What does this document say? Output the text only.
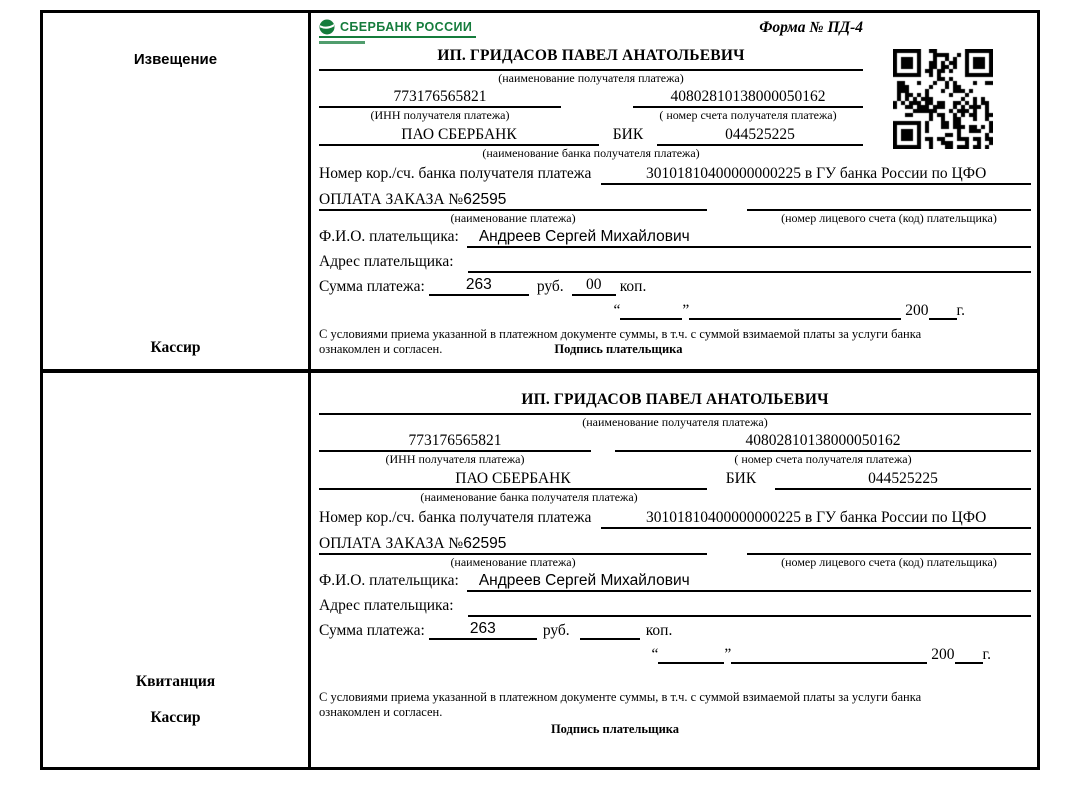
Извещение
Кассир
СБЕРБАНК РОССИИ	Форма № ПД-4
ИП. ГРИДАСОВ ПАВЕЛ АНАТОЛЬЕВИЧ
(наименование получателя платежа)
773176565821
(ИНН получателя платежа)
40802810138000050162
( номер счета получателя платежа)
ПАО СБЕРБАНК	БИК	044525225
(наименование банка получателя платежа)
Номер кор./сч. банка получателя платежа	30101810400000000225 в ГУ банка России по ЦФО
ОПЛАТА ЗАКАЗА №62595
(наименование платежа)	(номер лицевого счета (код) плательщика)
Ф.И.О. плательщика:	Андреев Сергей Михайлович
Адрес плательщика:
Сумма платежа:	263	руб.	00	коп.
“	”	200 г.
С условиями приема указанной в платежном документе суммы, в т.ч. с суммой взимаемой платы за услуги банка
ознакомлен и согласен.	Подпись плательщика
Квитанция
Кассир
ИП. ГРИДАСОВ ПАВЕЛ АНАТОЛЬЕВИЧ
(наименование получателя платежа)
773176565821
(ИНН получателя платежа)
40802810138000050162
( номер счета получателя платежа)
ПАО СБЕРБАНК	БИК	044525225
(наименование банка получателя платежа)
Номер кор./сч. банка получателя платежа	30101810400000000225 в ГУ банка России по ЦФО
ОПЛАТА ЗАКАЗА №62595
(наименование платежа)	(номер лицевого счета (код) плательщика)
Ф.И.О. плательщика:	Андреев Сергей Михайлович
Адрес плательщика:
Сумма платежа:	263	руб.	коп.
“	”	200 г.
С условиями приема указанной в платежном документе суммы, в т.ч. с суммой взимаемой платы за услуги банка
ознакомлен и согласен.
Подпись плательщика
